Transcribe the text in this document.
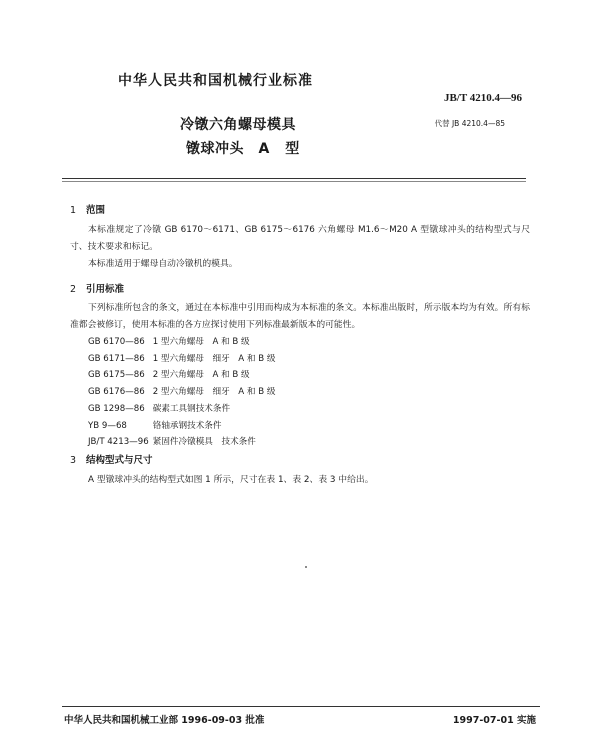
中华人民共和国机械行业标准
JB/T 4210.4—96
冷镦六角螺母模具
镦球冲头　A 型
代替 JB 4210.4—85
1 范围
本标准规定了冷镦 GB 6170～6171、GB 6175～6176 六角螺母 M1.6～M20 A 型镦球冲头的结构型式与尺寸、技术要求和标记。
本标准适用于螺母自动冷镦机的模具。
2 引用标准
下列标准所包含的条文，通过在本标准中引用而构成为本标准的条文。本标准出版时，所示版本均为有效。所有标准都会被修订，使用本标准的各方应探讨使用下列标准最新版本的可能性。
GB 6170—86 1 型六角螺母　A 和 B 级
GB 6171—86 1 型六角螺母　细牙　A 和 B 级
GB 6175—86 2 型六角螺母　A 和 B 级
GB 6176—86 2 型六角螺母　细牙　A 和 B 级
GB 1298—86 碳素工具钢技术条件
YB 9—68	铬轴承钢技术条件
JB/T 4213—96 紧固件冷镦模具　技术条件
3 结构型式与尺寸
A 型镦球冲头的结构型式如图 1 所示，尺寸在表 1、表 2、表 3 中给出。
中华人民共和国机械工业部 1996-09-03 批准	1997-07-01 实施
